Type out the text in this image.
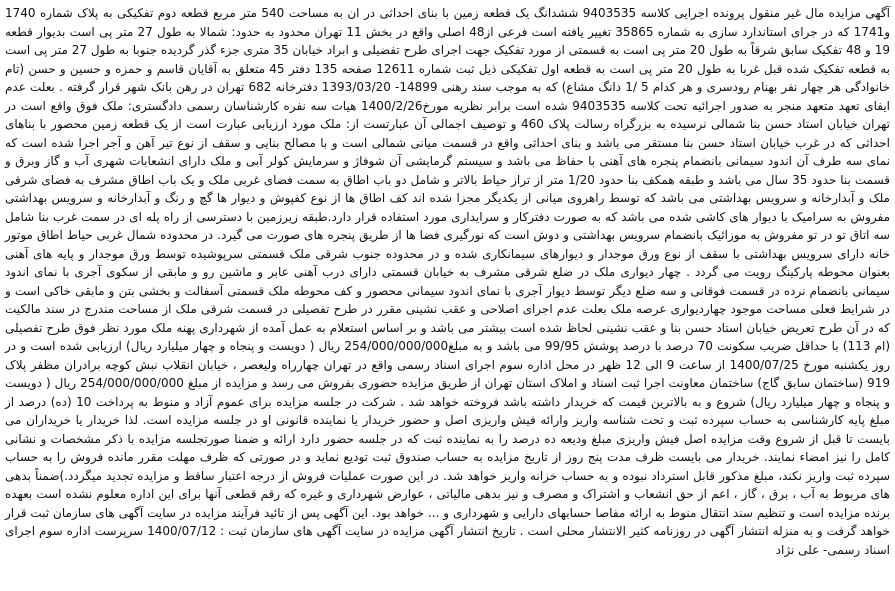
آگهی مزایده مال غیر منقول پرونده اجرایی کلاسه 9403535 ششدانگ یک قطعه زمین با بنای احداثی در ان به مساحت 540 متر مربع قطعه دوم تفکیکی به پلاک شماره 1740 و1741 که در جرای استاندارد سازی به شماره 35865 تغییر یافته است فرعی از48 اصلی واقع در بخش 11 تهران محدود به حدود: شمالا به طول 27 متر پی است بدیوار قطعه 19 و 48 تفکیک سابق شرقاً به طول 20 متر پی است به قسمتی از مورد تفکیک جهت اجرای طرح تفضیلی و ابراد خیابان 35 متری جزء گذر گردیده جنوبا به طول 27 متر پی است به قطعه تفکیک شده قبل غربا به طول 20 متر پی است به قطعه اول تفکیکی ذیل ثبت شماره 12611 صفحه 135 دفتر 45 متعلق به آقایان قاسم و حمزه و حسین و حسن (تام خانوادگی هر چهار نفر بهنام رودسری و هر کدام 5 /1 دانگ مشاع) که به موجب سند رهنی 14899- 1393/03/20 دفترخانه 682 تهران در رهن بانک شهر قرار گرفته . بعلت عدم ایفای تعهد متعهد منجر به صدور اجرائیه تحت کلاسه 9403535 شده است برابر نظریه مورخ1400/2/26 هیات سه نفره کارشناسان رسمی دادگستری: ملک فوق واقع است در تهران خیابان استاد حسن بنا شمالی نرسیده به بزرگراه رسالت پلاک 460 و توصیف اجمالی آن عبارتست از: ملک مورد ارزیابی عبارت است از یک قطعه زمین محصور با بناهای احداثی که در غرب خیابان استاد حسن بنا مستقر می باشد و بنای احداثی واقع در قسمت میانی شمالی است و با مصالح بنایی و سقف از نوع تیر آهن و آجر اجرا شده است که نمای سه طرف آن اندود سیمانی بانضمام پنجره های آهنی با حفاظ می باشد و سیستم گرمایشی آن شوفاژ و سرمایش کولر آبی و ملک دارای انشعابات شهری آب و گاز وبرق و قسمت بنا حدود 35 سال می باشد و طبقه همکف بنا حدود 1/20 متر از تراز حیاط بالاتر و شامل دو باب اطاق به سمت فضای غربی ملک و یک باب اطاق مشرف به فضای شرقی ملک و آبدارخانه و سرویس بهداشتی می باشد که توسط راهروی میانی از یکدیگر مجزا شده اند کف اطاق ها از نوع کفپوش و دیوار ها گچ و رنگ و آبدارخانه و سرویس بهداشتی مفروش به سرامیک با دیوار های کاشی شده می باشد که به صورت دفترکار و سرایداری مورد استفاده قرار دارد.طبقه زیرزمین با دسترسی از راه پله ای در سمت غرب بنا شامل سه اتاق تو در تو مفروش به موزائیک بانضمام سرویس بهداشتی و دوش است که نورگیری فضا ها از طریق پنجره های صورت می گیرد. در محدوده شمال غربی حیاط اطاق موتور خانه دارای سرویس بهداشتی با سقف از نوع ورق موجدار و دیوارهای سیمانکاری شده و در محدوده جنوب شرقی ملک قسمتی سرپوشیده توسط ورق موجدار و پایه های آهنی بعنوان محوطه پارکینگ رویت می گردد . چهار دیواری ملک در ضلع شرقی مشرف به خیابان قسمتی دارای درب آهنی عابر و ماشین رو و مابقی از سکوی آجری با نمای اندود سیمانی بانضمام نرده در قسمت فوقانی و سه ضلع دیگر توسط دیوار آجری با نمای اندود سیمانی محصور و کف محوطه ملک قسمتی آسفالت و بخشی بتن و مابقی خاکی است و در شرایط فعلی مساحت موجود چهاردیواری عرصه ملک بعلت عدم اجرای اصلاحی و عقب نشینی مقرر در طرح تفصیلی در قسمت شرقی ملک از مساحت مندرج در سند مالکیت که در آن طرح تعریض خیابان استاد حسن بنا و عقب نشینی لحاظ شده است بیشتر می باشد و بر اساس استعلام به عمل آمده از شهرداری پهنه ملک مورد نظر فوق طرح تفصیلی (ام 113) با حداقل ضریب سکونت 70 درصد با درصد پوشش 99/95 می باشد و به مبلغ254/000/000/000 ریال ( دویست و پنجاه و چهار میلیارد ریال) ارزیابی شده است و در روز یکشنبه مورخ 1400/07/25 از ساعت 9 الی 12 ظهر در محل اداره سوم اجرای اسناد رسمی واقع در تهران چهارراه ولیعصر ، خیابان انقلاب نبش کوچه برادران مظفر پلاک 919 (ساختمان سابق گاج) ساختمان معاونت اجرا ثبت اسناد و املاک استان تهران از طریق مزایده حضوری بفروش می رسد و مزایده از مبلغ 254/000/000/000 ریال ( دویست و پنجاه و چهار میلیارد ریال) شروع و به بالاترین قیمت که خریدار داشته باشد فروخته خواهد شد . شرکت در جلسه مزایده برای عموم آزاد و منوط به پرداخت 10 (ده) درصد از مبلغ پایه کارشناسی به حساب سپرده ثبت و تحت شناسه واریز وارائه فیش واریزی اصل و حضور خریدار یا نماینده قانونی او در جلسه مزایده است. لذا خریدار یا خریداران می بایست تا قبل از شروع وقت مزایده اصل فیش واریزی مبلغ ودیعه ده درصد را به نماینده ثبت که در جلسه حضور دارد ارائه و ضمنا صورتجلسه مزایده با ذکر مشخصات و نشانی کامل را نیز امضاء نمایند. خریدار می بایست ظرف مدت پنج روز از تاریخ مزایده به حساب صندوق ثبت تودیع نماید و در صورتی که ظرف مهلت مقرر مانده فروش را به حساب سپرده ثبت واریز نکند، مبلغ مذکور قابل استرداد نبوده و به حساب خزانه واریز خواهد شد. در این صورت عملیات فروش از درجه اعتبار ساقط و مزایده تجدید میگردد.)ضمناً بدهی های مربوط به آب ، برق ، گاز ، اعم از حق انشعاب و اشتراک و مصرف و نیز بدهی مالیاتی ، عوارض شهرداری و غیره که رقم قطعی آنها برای این اداره معلوم نشده است بعهده برنده مزایده است و تنظیم سند انتقال منوط به ارائه مفاصا حسابهای دارایی و شهرداری و ... خواهد بود. این آگهی پس از تائید فرآیند مزایده در سایت آگهی های سازمان ثبت قرار خواهد گرفت و به منزله انتشار آگهی در روزنامه کثیر الانتشار محلی است . تاریخ انتشار آگهی مزایده در سایت آگهی های سازمان ثبت : 1400/07/12 سرپرست اداره سوم اجرای اسناد رسمی- علی نژاد
